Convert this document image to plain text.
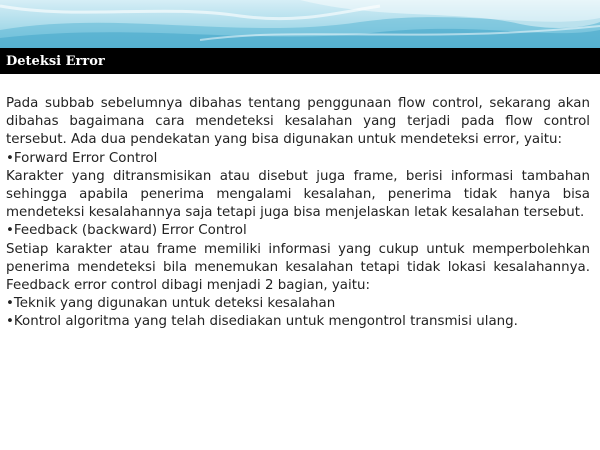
Deteksi Error

Pada subbab sebelumnya dibahas tentang penggunaan flow control, sekarang akan dibahas bagaimana cara mendeteksi kesalahan yang terjadi pada flow control tersebut. Ada dua pendekatan yang bisa digunakan untuk mendeteksi error, yaitu:

• Forward Error Control

Karakter yang ditransmisikan atau disebut juga frame, berisi informasi tambahan sehingga apabila penerima mengalami kesalahan, penerima tidak hanya bisa mendeteksi kesalahannya saja tetapi juga bisa menjelaskan letak kesalahan tersebut.

• Feedback (backward) Error Control

Setiap karakter atau frame memiliki informasi yang cukup untuk memperbolehkan penerima mendeteksi bila menemukan kesalahan tetapi tidak lokasi kesalahannya. Feedback error control dibagi menjadi 2 bagian, yaitu:

• Teknik yang digunakan untuk deteksi kesalahan

• Kontrol algoritma yang telah disediakan untuk mengontrol transmisi ulang.
